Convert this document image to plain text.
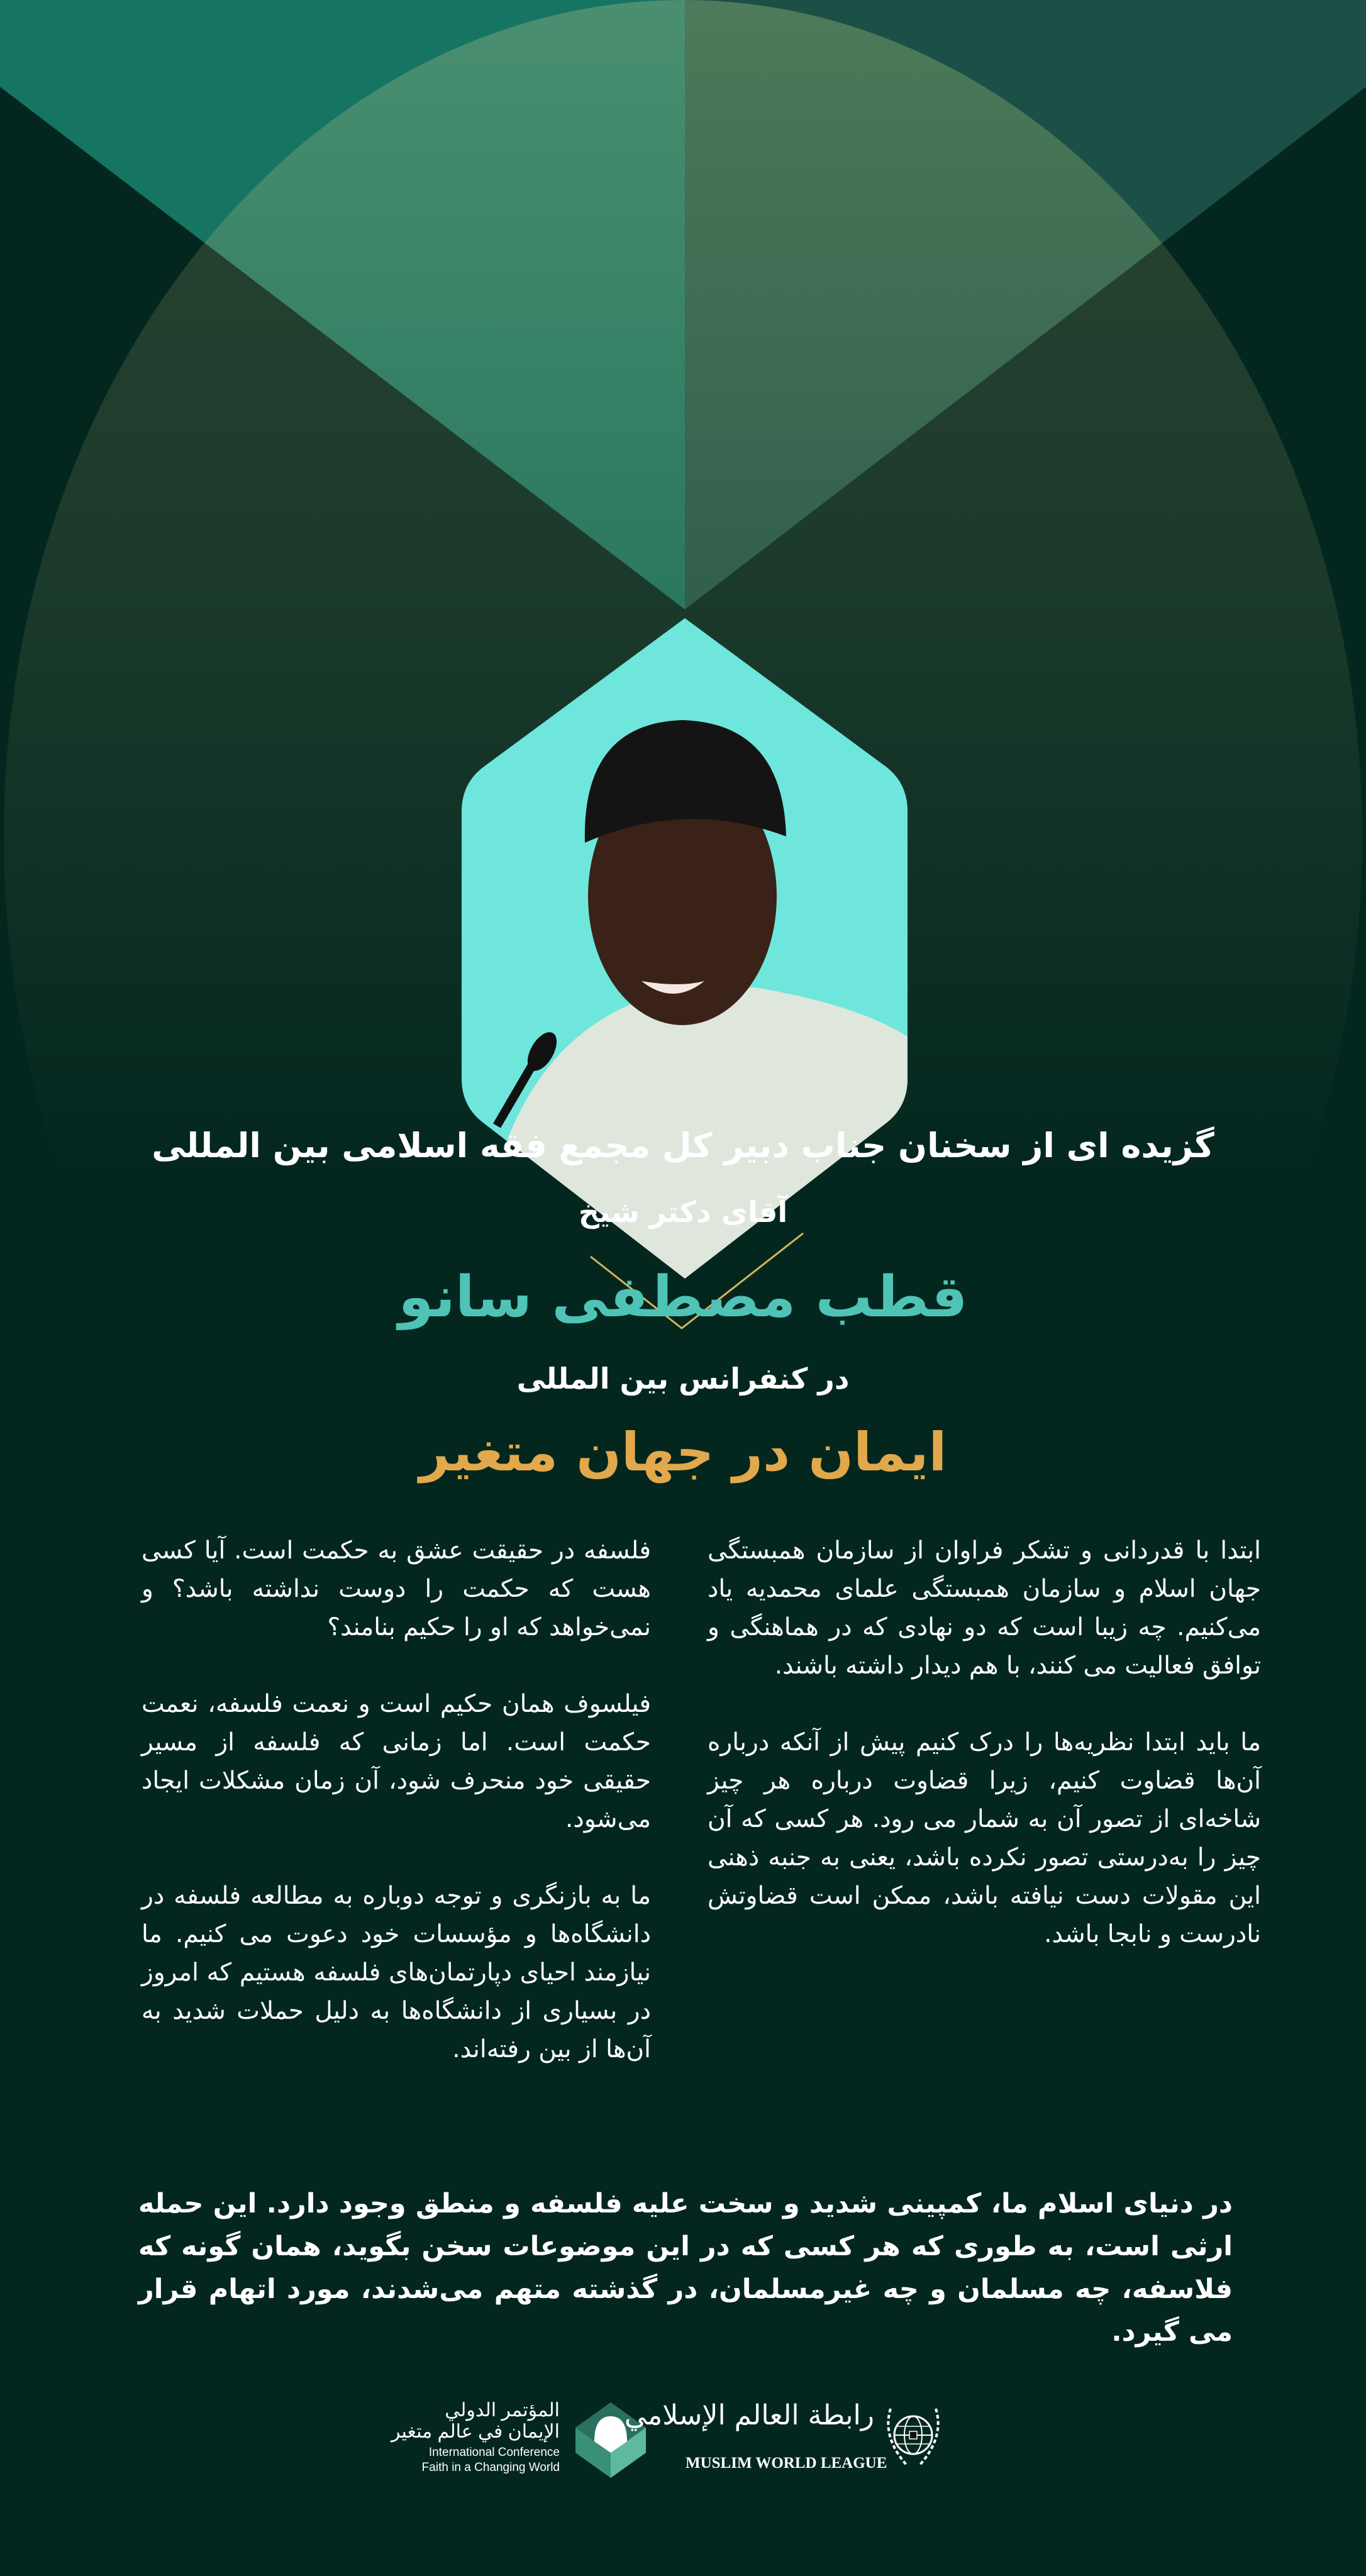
گزیده ای از سخنان جناب دبیر کل مجمع فقه اسلامی بین المللی
آقای دکتر شیخ
قطب مصطفی سانو
در کنفرانس بین المللی
ایمان در جهان متغیر

ابتدا با قدردانی و تشکر فراوان از سازمان همبستگی جهان اسلام و سازمان همبستگی علمای محمدیه یاد می‌کنیم. چه زیبا است که دو نهادی که در هماهنگی و توافق فعالیت می کنند، با هم دیدار داشته باشند.

ما باید ابتدا نظریه‌ها را درک کنیم پیش از آنکه درباره آن‌ها قضاوت کنیم، زیرا قضاوت درباره هر چیز شاخه‌ای از تصور آن به شمار می رود. هر کسی که آن چیز را به‌درستی تصور نکرده باشد، یعنی به جنبه ذهنی این مقولات دست نیافته باشد، ممکن است قضاوتش نادرست و نابجا باشد.

فلسفه در حقیقت عشق به حکمت است. آیا کسی هست که حکمت را دوست نداشته باشد؟ و نمی‌خواهد که او را حکیم بنامند؟

فیلسوف همان حکیم است و نعمت فلسفه، نعمت حکمت است. اما زمانی که فلسفه از مسیر حقیقی خود منحرف شود، آن زمان مشکلات ایجاد می‌شود.

ما به بازنگری و توجه دوباره به مطالعه فلسفه در دانشگاه‌ها و مؤسسات خود دعوت می کنیم. ما نیازمند احیای دپارتمان‌های فلسفه هستیم که امروز در بسیاری از دانشگاه‌ها به دلیل حملات شدید به آن‌ها از بین رفته‌اند.

در دنیای اسلام ما، کمپینی شدید و سخت علیه فلسفه و منطق وجود دارد. این حمله ارثی است، به طوری که هر کسی که در این موضوعات سخن بگوید، همان گونه که فلاسفه، چه مسلمان و چه غیرمسلمان، در گذشته متهم می‌شدند، مورد اتهام قرار می گیرد.
المؤتمر الدولي
الإيمان في عالم متغير
International Conference
Faith in a Changing World
رابطة العالم الإسلامي
MUSLIM WORLD LEAGUE
